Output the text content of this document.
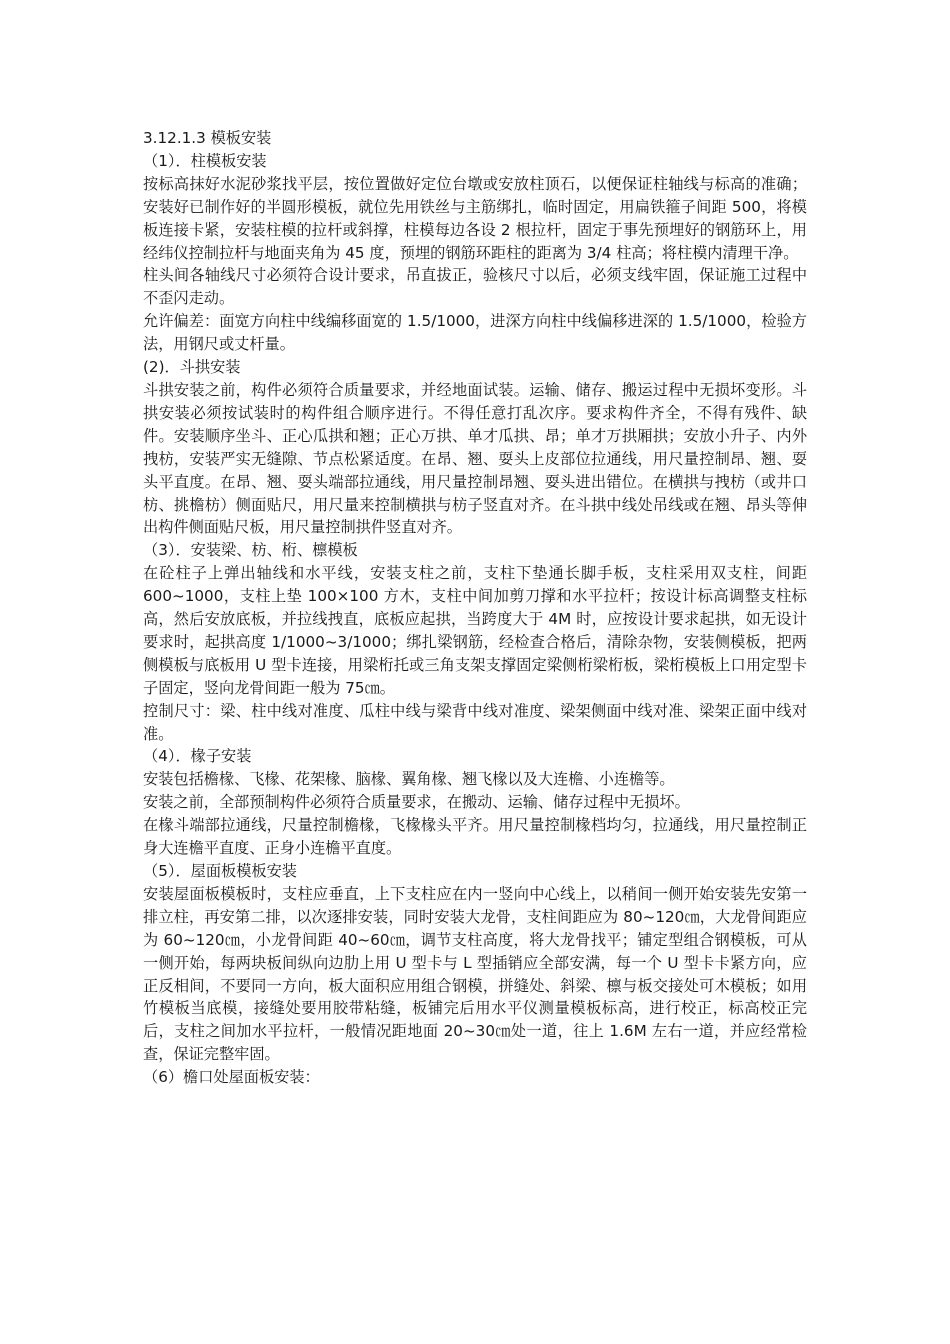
3.12.1.3 模板安装

（1）．柱模板安装

按标高抹好水泥砂浆找平层，按位置做好定位台墩或安放柱顶石，以便保证柱轴线与标高的准确；安装好已制作好的半圆形模板，就位先用铁丝与主筋绑扎，临时固定，用扁铁箍子间距 500，将模板连接卡紧，安装柱模的拉杆或斜撑，柱模每边各设 2 根拉杆，固定于事先预埋好的钢筋环上，用经纬仪控制拉杆与地面夹角为 45 度，预埋的钢筋环距柱的距离为 3/4 柱高；将柱模内清理干净。

柱头间各轴线尺寸必须符合设计要求，吊直拔正，验核尺寸以后，必须支线牢固，保证施工过程中不歪闪走动。

允许偏差：面宽方向柱中线编移面宽的 1.5/1000，进深方向柱中线偏移进深的 1.5/1000，检验方法，用钢尺或丈杆量。

(2)．斗拱安装

斗拱安装之前，构件必须符合质量要求，并经地面试装。运输、储存、搬运过程中无损坏变形。斗拱安装必须按试装时的构件组合顺序进行。不得任意打乱次序。要求构件齐全，不得有残件、缺件。安装顺序坐斗、正心瓜拱和翘；正心万拱、单才瓜拱、昂；单才万拱厢拱；安放小升子、内外拽枋，安装严实无缝隙、节点松紧适度。在昂、翘、耍头上皮部位拉通线，用尺量控制昂、翘、耍头平直度。在昂、翘、耍头端部拉通线，用尺量控制昂翘、耍头进出错位。在横拱与拽枋（或井口枋、挑檐枋）侧面贴尺，用尺量来控制横拱与枋子竖直对齐。在斗拱中线处吊线或在翘、昂头等伸出构件侧面贴尺板，用尺量控制拱件竖直对齐。

（3）．安装梁、枋、桁、檩模板

在砼柱子上弹出轴线和水平线，安装支柱之前，支柱下垫通长脚手板，支柱采用双支柱，间距 600~1000，支柱上垫 100×100 方木，支柱中间加剪刀撑和水平拉杆；按设计标高调整支柱标高，然后安放底板，并拉线拽直，底板应起拱，当跨度大于 4M 时，应按设计要求起拱，如无设计要求时，起拱高度 1/1000~3/1000；绑扎梁钢筋，经检查合格后，清除杂物，安装侧模板，把两侧模板与底板用 U 型卡连接，用梁桁托或三角支架支撑固定梁侧桁梁桁板，梁桁模板上口用定型卡子固定，竖向龙骨间距一般为 75㎝。

控制尺寸：梁、柱中线对准度、瓜柱中线与梁背中线对准度、梁架侧面中线对准、梁架正面中线对准。

（4）．椽子安装

安装包括檐椽、飞椽、花架椽、脑椽、翼角椽、翘飞椽以及大连檐、小连檐等。

安装之前，全部预制构件必须符合质量要求，在搬动、运输、储存过程中无损坏。

在椽斗端部拉通线，尺量控制檐椽，飞椽椽头平齐。用尺量控制椽档均匀，拉通线，用尺量控制正身大连檐平直度、正身小连檐平直度。

（5）．屋面板模板安装

安装屋面板模板时，支柱应垂直，上下支柱应在内一竖向中心线上，以稍间一侧开始安装先安第一排立柱，再安第二排，以次逐排安装，同时安装大龙骨，支柱间距应为 80~120㎝，大龙骨间距应为 60~120㎝，小龙骨间距 40~60㎝，调节支柱高度，将大龙骨找平；铺定型组合钢模板，可从一侧开始，每两块板间纵向边肋上用 U 型卡与 L 型插销应全部安满，每一个 U 型卡卡紧方向，应正反相间，不要同一方向，板大面积应用组合钢模，拼缝处、斜梁、檩与板交接处可木模板；如用竹模板当底模，接缝处要用胶带粘缝，板铺完后用水平仪测量模板标高，进行校正，标高校正完后，支柱之间加水平拉杆，一般情况距地面 20~30㎝处一道，往上 1.6M 左右一道，并应经常检查，保证完整牢固。

（6）檐口处屋面板安装：
